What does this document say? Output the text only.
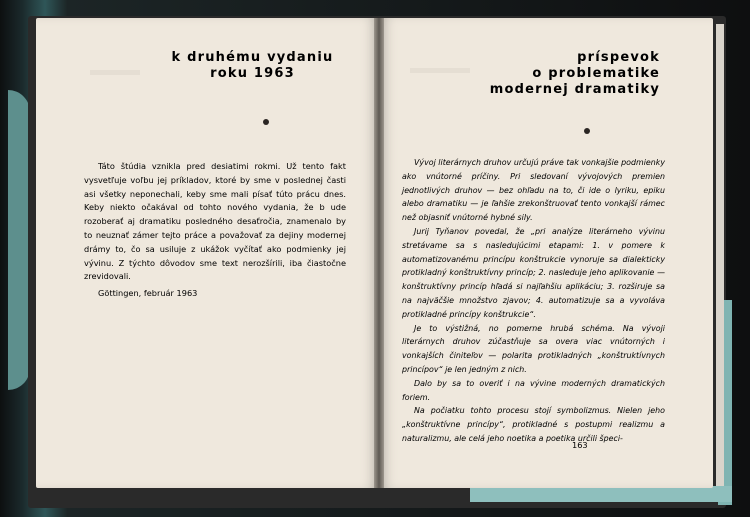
k druhému vydaniu
roku 1963

Táto štúdia vznikla pred desiatimi rokmi. Už tento fakt vysvetľuje voľbu jej príkladov, ktoré by sme v poslednej časti asi všetky neponechali, keby sme mali písať túto prácu dnes. Keby niekto očakával od tohto nového vydania, že b ude rozoberať aj dramatiku posledného desaťročia, znamenalo by to neuznať zámer tejto práce a považovať za dejiny modernej drámy to, čo sa usiluje z ukážok vyčítať ako podmienky jej vývinu. Z týchto dôvodov sme text nerozšírili, iba čiastočne zrevidovali.

Göttingen, február 1963
príspevok
o problematike
modernej dramatiky

Vývoj literárnych druhov určujú práve tak vonkajšie podmienky ako vnútorné príčiny. Pri sledovaní vývojových premien jednotlivých druhov — bez ohľadu na to, či ide o lyriku, epiku alebo dramatiku — je ľahšie zrekonštruovať tento vonkajší rámec než objasniť vnútorné hybné sily.

Jurij Tyňanov povedal, že „pri analýze literárneho vývinu stretávame sa s nasledujúcimi etapami: 1. v pomere k automatizovanému princípu konštrukcie vynoruje sa dialekticky protikladný konštruktívny princíp; 2. nasleduje jeho aplikovanie — konštruktívny princíp hľadá si najľahšiu aplikáciu; 3. rozširuje sa na najväčšie množstvo zjavov; 4. automatizuje sa a vyvoláva protikladné princípy konštrukcie“.

Je to výstižná, no pomerne hrubá schéma. Na vývoji literárnych druhov zúčastňuje sa overa viac vnútorných i vonkajších činiteľov — polarita protikladných „konštruktívnych princípov“ je len jedným z nich.

Dalo by sa to overiť i na vývine moderných dramatických foriem.

Na počiatku tohto procesu stojí symbolizmus. Nielen jeho „konštruktívne princípy“, protikladné s postupmi realizmu a naturalizmu, ale celá jeho noetika a poetika určili špeci-

163
